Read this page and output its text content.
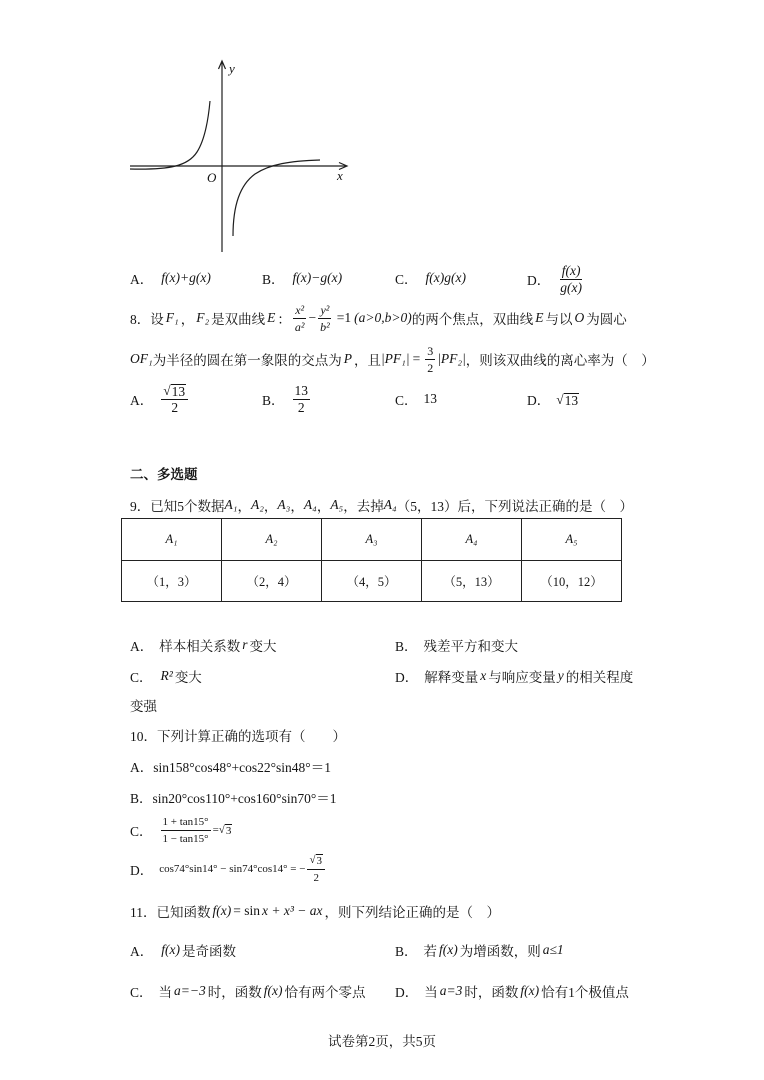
y
x
O
A． f(x)+g(x)	B． f(x)−g(x)	C． f(x)g(x)	D． $\frac{f(x)}{g(x)}$
8． 设 F₁ ， F₂ 是双曲线 E ： $\frac{\text{x²}}{\text{a²}} - \frac{\text{y²}}{\text{b²}} =1$ (a>0,b>0) 的两个焦点，双曲线 E 与以 O 为圆心
OF₁ 为半径的圆在第一象限的交点为 P ，且 $|PF_1| = \frac{3}{2} |PF_2|$ ，则该双曲线的离心率为（　）
A． $\frac{√ 13}{2}$	B． $\frac{13}{2}$	C． 13	D． √ 13
二、多选题
9． 已知5个数据 A₁ ， A₂ ， A₃ ， A₄ ， A₅ ，去掉 A₄ （5，13）后，下列说法正确的是（　）
A₁	A₂	A₃	A₄	A₅
（1，3）	（2，4）	（4，5）	（5，13）	（10，12）
A． 样本相关系数 r 变大	B． 残差平方和变大
C． R² 变大	D． 解释变量 x 与响应变量 y 的相关程度
变强
10． 下列计算正确的选项有（　　）
A． sin158°cos48°+cos22°sin48°＝1
B． sin20°cos110°+cos160°sin70°＝1
C． $\frac{1 + \tan 15^\circ}{1 - \tan 15^\circ}$ = √ 3
D． cos74°sin14° − sin74°cos14° = − $\frac{√ 3}{2}$
11． 已知函数 f(x) = sin x + x³ − ax ，则下列结论正确的是（　）
A． f(x) 是奇函数	B． 若 f(x) 为增函数，则 a≤1
C． 当 a=−3 时，函数 f(x) 恰有两个零点 D． 当 a=3 时，函数 f(x) 恰有1个极值点
试卷第2页，共5页
